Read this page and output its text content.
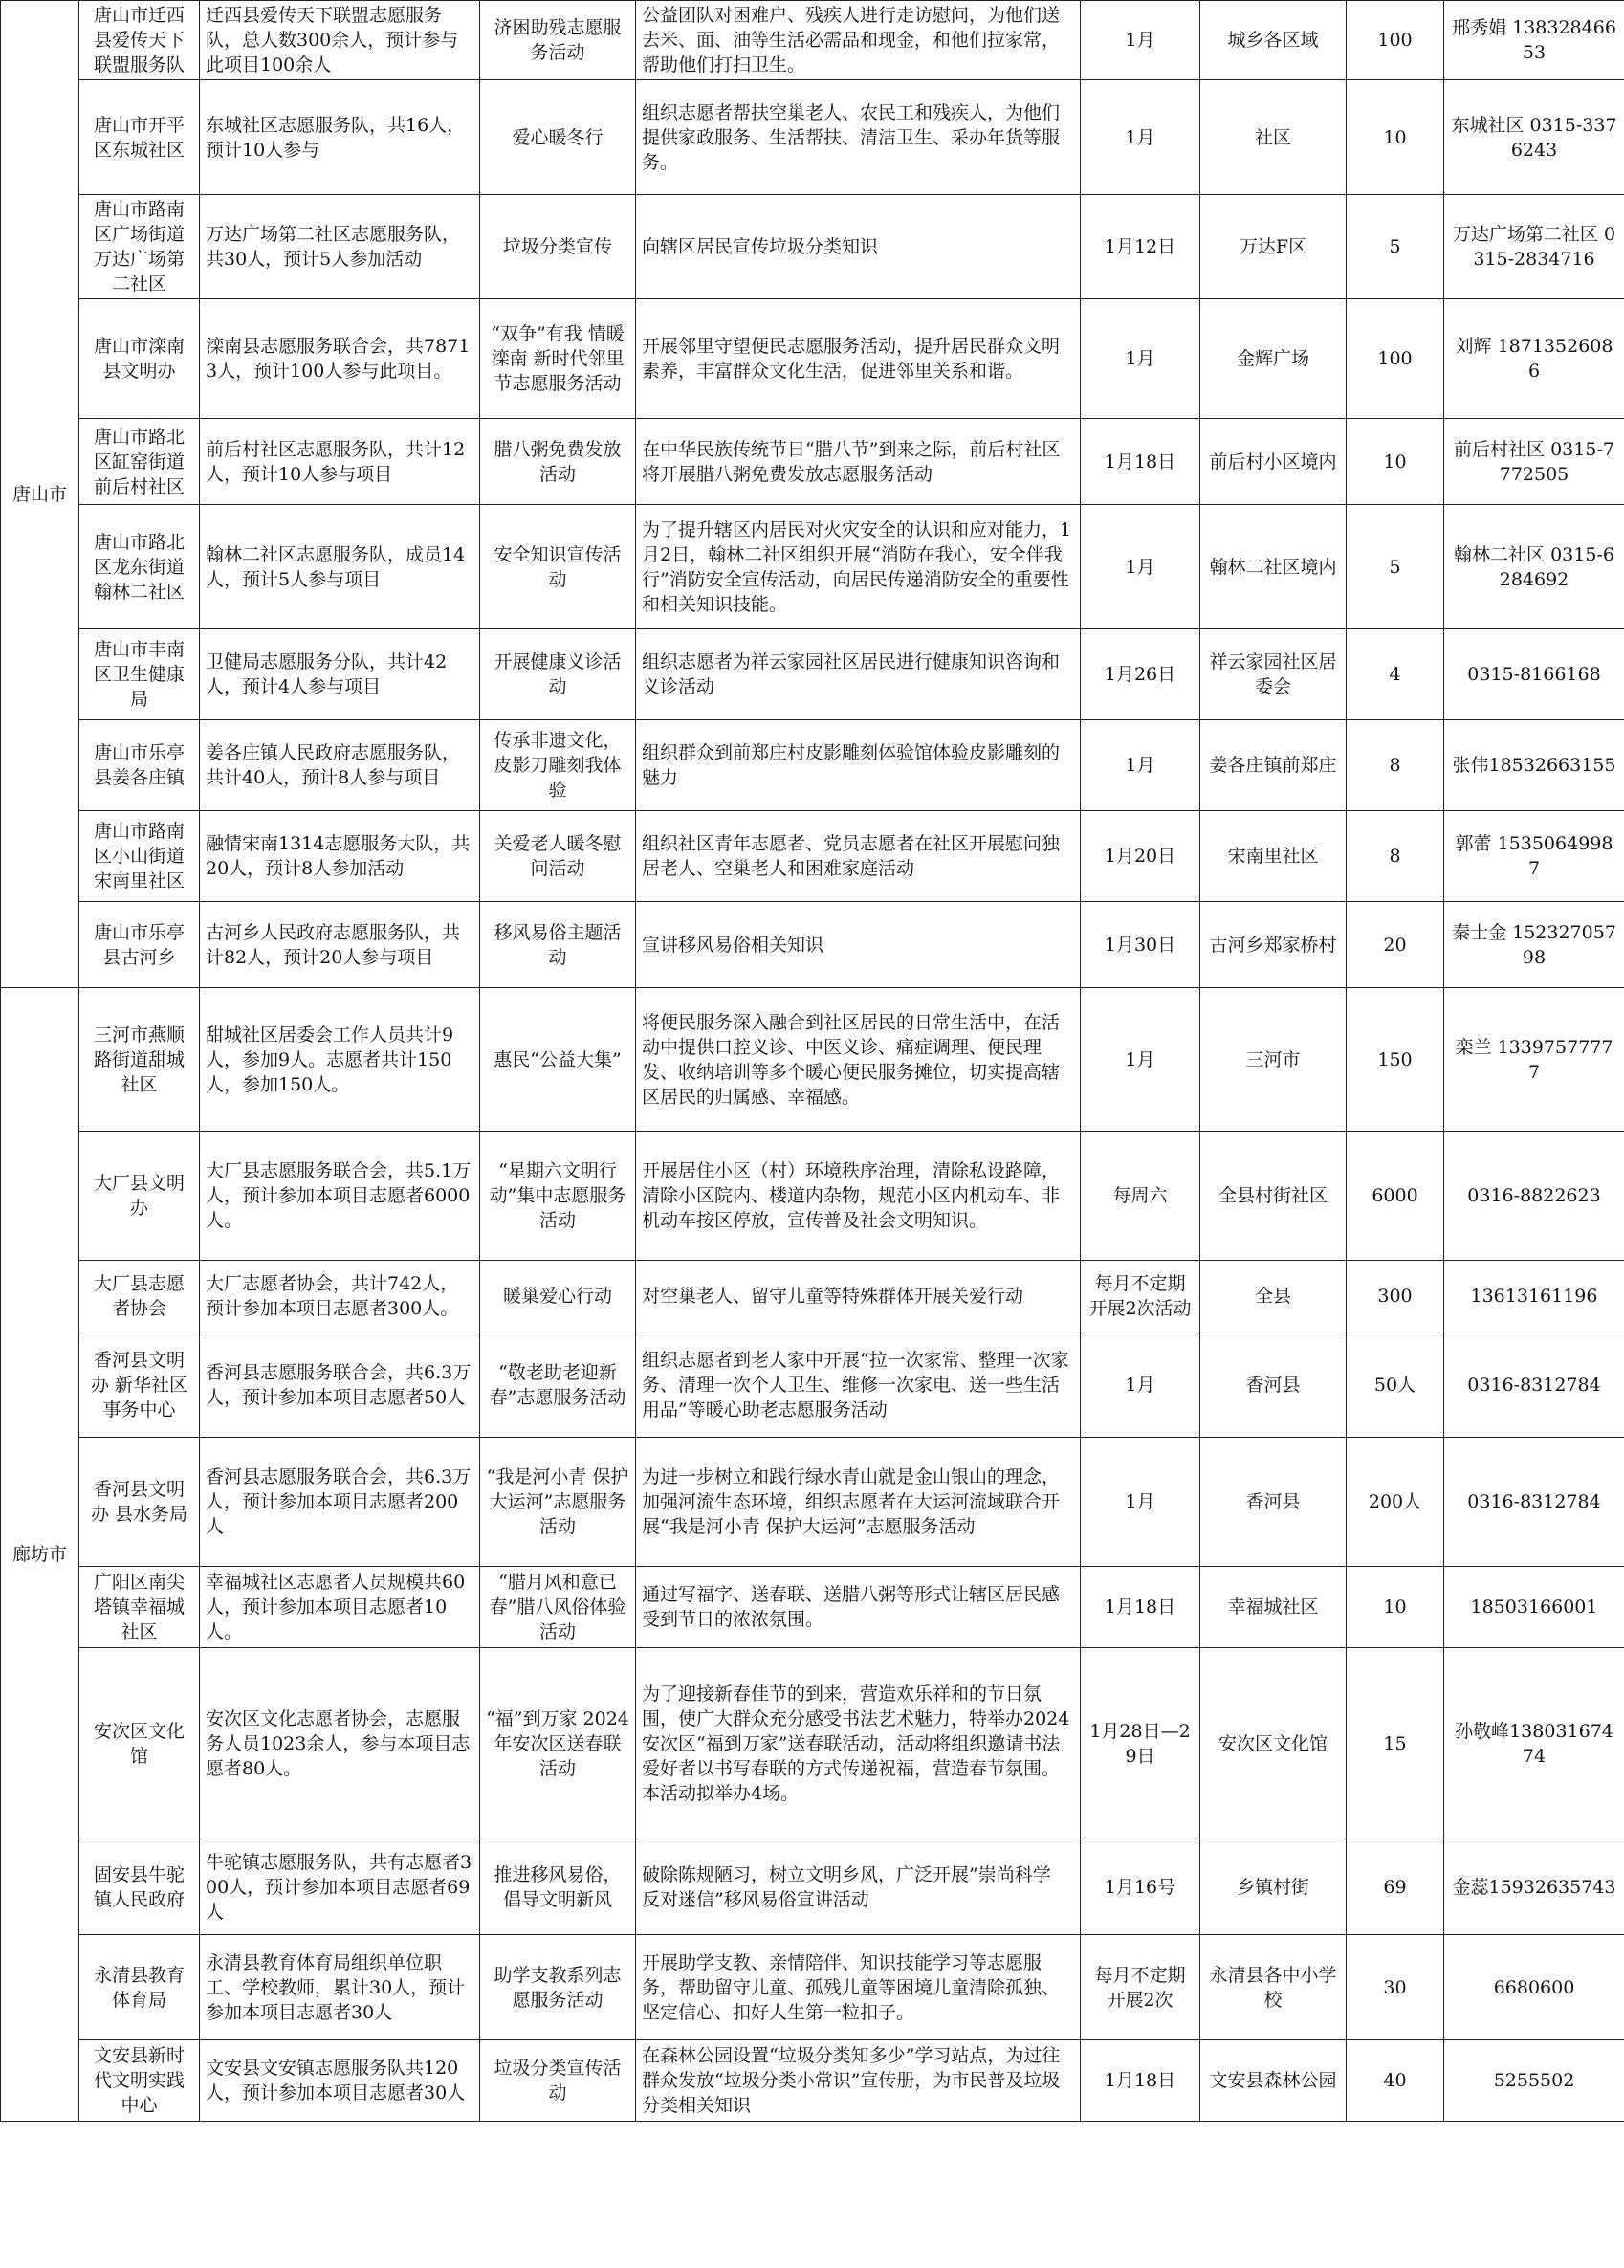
唐山市	唐山市迁西县爱传天下联盟服务队	迁西县爱传天下联盟志愿服务队，总人数300余人，预计参与此项目100余人	济困助残志愿服务活动	公益团队对困难户、残疾人进行走访慰问，为他们送去米、面、油等生活必需品和现金，和他们拉家常，帮助他们打扫卫生。	1月	城乡各区域	100	邢秀娟 13832846653
	唐山市开平区东城社区	东城社区志愿服务队，共16人，预计10人参与	爱心暖冬行	组织志愿者帮扶空巢老人、农民工和残疾人，为他们提供家政服务、生活帮扶、清洁卫生、采办年货等服务。	1月	社区	10	东城社区 0315-3376243
	唐山市路南区广场街道万达广场第二社区	万达广场第二社区志愿服务队，共30人，预计5人参加活动	垃圾分类宣传	向辖区居民宣传垃圾分类知识	1月12日	万达F区	5	万达广场第二社区 0315-2834716
	唐山市滦南县文明办	滦南县志愿服务联合会，共78713人，预计100人参与此项目。	“双争”有我 情暖滦南 新时代邻里节志愿服务活动	开展邻里守望便民志愿服务活动，提升居民群众文明素养，丰富群众文化生活，促进邻里关系和谐。	1月	金辉广场	100	刘辉 18713526086
	唐山市路北区缸窑街道前后村社区	前后村社区志愿服务队，共计12人，预计10人参与项目	腊八粥免费发放活动	在中华民族传统节日“腊八节”到来之际，前后村社区将开展腊八粥免费发放志愿服务活动	1月18日	前后村小区境内	10	前后村社区 0315-7772505
	唐山市路北区龙东街道翰林二社区	翰林二社区志愿服务队，成员14人，预计5人参与项目	安全知识宣传活动	为了提升辖区内居民对火灾安全的认识和应对能力，1月2日，翰林二社区组织开展“消防在我心，安全伴我行”消防安全宣传活动，向居民传递消防安全的重要性和相关知识技能。	1月	翰林二社区境内	5	翰林二社区 0315-6284692
	唐山市丰南区卫生健康局	卫健局志愿服务分队，共计42人，预计4人参与项目	开展健康义诊活动	组织志愿者为祥云家园社区居民进行健康知识咨询和义诊活动	1月26日	祥云家园社区居委会	4	0315-8166168
	唐山市乐亭县姜各庄镇	姜各庄镇人民政府志愿服务队，共计40人，预计8人参与项目	传承非遗文化，皮影刀雕刻我体验	组织群众到前郑庄村皮影雕刻体验馆体验皮影雕刻的魅力	1月	姜各庄镇前郑庄	8	张伟18532663155
	唐山市路南区小山街道宋南里社区	融情宋南1314志愿服务大队，共20人，预计8人参加活动	关爱老人暖冬慰问活动	组织社区青年志愿者、党员志愿者在社区开展慰问独居老人、空巢老人和困难家庭活动	1月20日	宋南里社区	8	郭蕾 15350649987
	唐山市乐亭县古河乡	古河乡人民政府志愿服务队，共计82人，预计20人参与项目	移风易俗主题活动	宣讲移风易俗相关知识	1月30日	古河乡郑家桥村	20	秦士金 15232705798
廊坊市	三河市燕顺路街道甜城社区	甜城社区居委会工作人员共计9人，参加9人。志愿者共计150人，参加150人。	惠民“公益大集”	将便民服务深入融合到社区居民的日常生活中，在活动中提供口腔义诊、中医义诊、痛症调理、便民理发、收纳培训等多个暖心便民服务摊位，切实提高辖区居民的归属感、幸福感。	1月	三河市	150	栾兰 13397577777
	大厂县文明办	大厂县志愿服务联合会，共5.1万人，预计参加本项目志愿者6000人。	“星期六文明行动”集中志愿服务活动	开展居住小区（村）环境秩序治理，清除私设路障，清除小区院内、楼道内杂物，规范小区内机动车、非机动车按区停放，宣传普及社会文明知识。	每周六	全县村街社区	6000	0316-8822623
	大厂县志愿者协会	大厂志愿者协会，共计742人，预计参加本项目志愿者300人。	暖巢爱心行动	对空巢老人、留守儿童等特殊群体开展关爱行动	每月不定期开展2次活动	全县	300	13613161196
	香河县文明办 新华社区事务中心	香河县志愿服务联合会，共6.3万人，预计参加本项目志愿者50人	“敬老助老迎新春”志愿服务活动	组织志愿者到老人家中开展“拉一次家常、整理一次家务、清理一次个人卫生、维修一次家电、送一些生活用品”等暖心助老志愿服务活动	1月	香河县	50人	0316-8312784
	香河县文明办 县水务局	香河县志愿服务联合会，共6.3万人，预计参加本项目志愿者200人	“我是河小青 保护大运河”志愿服务活动	为进一步树立和践行绿水青山就是金山银山的理念，加强河流生态环境，组织志愿者在大运河流域联合开展“我是河小青 保护大运河”志愿服务活动	1月	香河县	200人	0316-8312784
	广阳区南尖塔镇幸福城社区	幸福城社区志愿者人员规模共60人，预计参加本项目志愿者10人。	“腊月风和意已春”腊八风俗体验活动	通过写福字、送春联、送腊八粥等形式让辖区居民感受到节日的浓浓氛围。	1月18日	幸福城社区	10	18503166001
	安次区文化馆	安次区文化志愿者协会，志愿服务人员1023余人，参与本项目志愿者80人。	“福”到万家 2024年安次区送春联活动	为了迎接新春佳节的到来，营造欢乐祥和的节日氛围，使广大群众充分感受书法艺术魅力，特举办2024安次区“福到万家”送春联活动，活动将组织邀请书法爱好者以书写春联的方式传递祝福，营造春节氛围。本活动拟举办4场。	1月28日—29日	安次区文化馆	15	孙敬峰13803167474
	固安县牛驼镇人民政府	牛驼镇志愿服务队，共有志愿者300人，预计参加本项目志愿者69人	推进移风易俗，倡导文明新风	破除陈规陋习，树立文明乡风，广泛开展”崇尚科学　反对迷信”移风易俗宣讲活动	1月16号	乡镇村街	69	金蕊15932635743
	永清县教育体育局	永清县教育体育局组织单位职工、学校教师，累计30人，预计参加本项目志愿者30人	助学支教系列志愿服务活动	开展助学支教、亲情陪伴、知识技能学习等志愿服务，帮助留守儿童、孤残儿童等困境儿童清除孤独、坚定信心、扣好人生第一粒扣子。	每月不定期开展2次	永清县各中小学校	30	6680600
	文安县新时代文明实践中心	文安县文安镇志愿服务队共120人，预计参加本项目志愿者30人	垃圾分类宣传活动	在森林公园设置“垃圾分类知多少”学习站点，为过往群众发放“垃圾分类小常识”宣传册，为市民普及垃圾分类相关知识	1月18日	文安县森林公园	40	5255502
